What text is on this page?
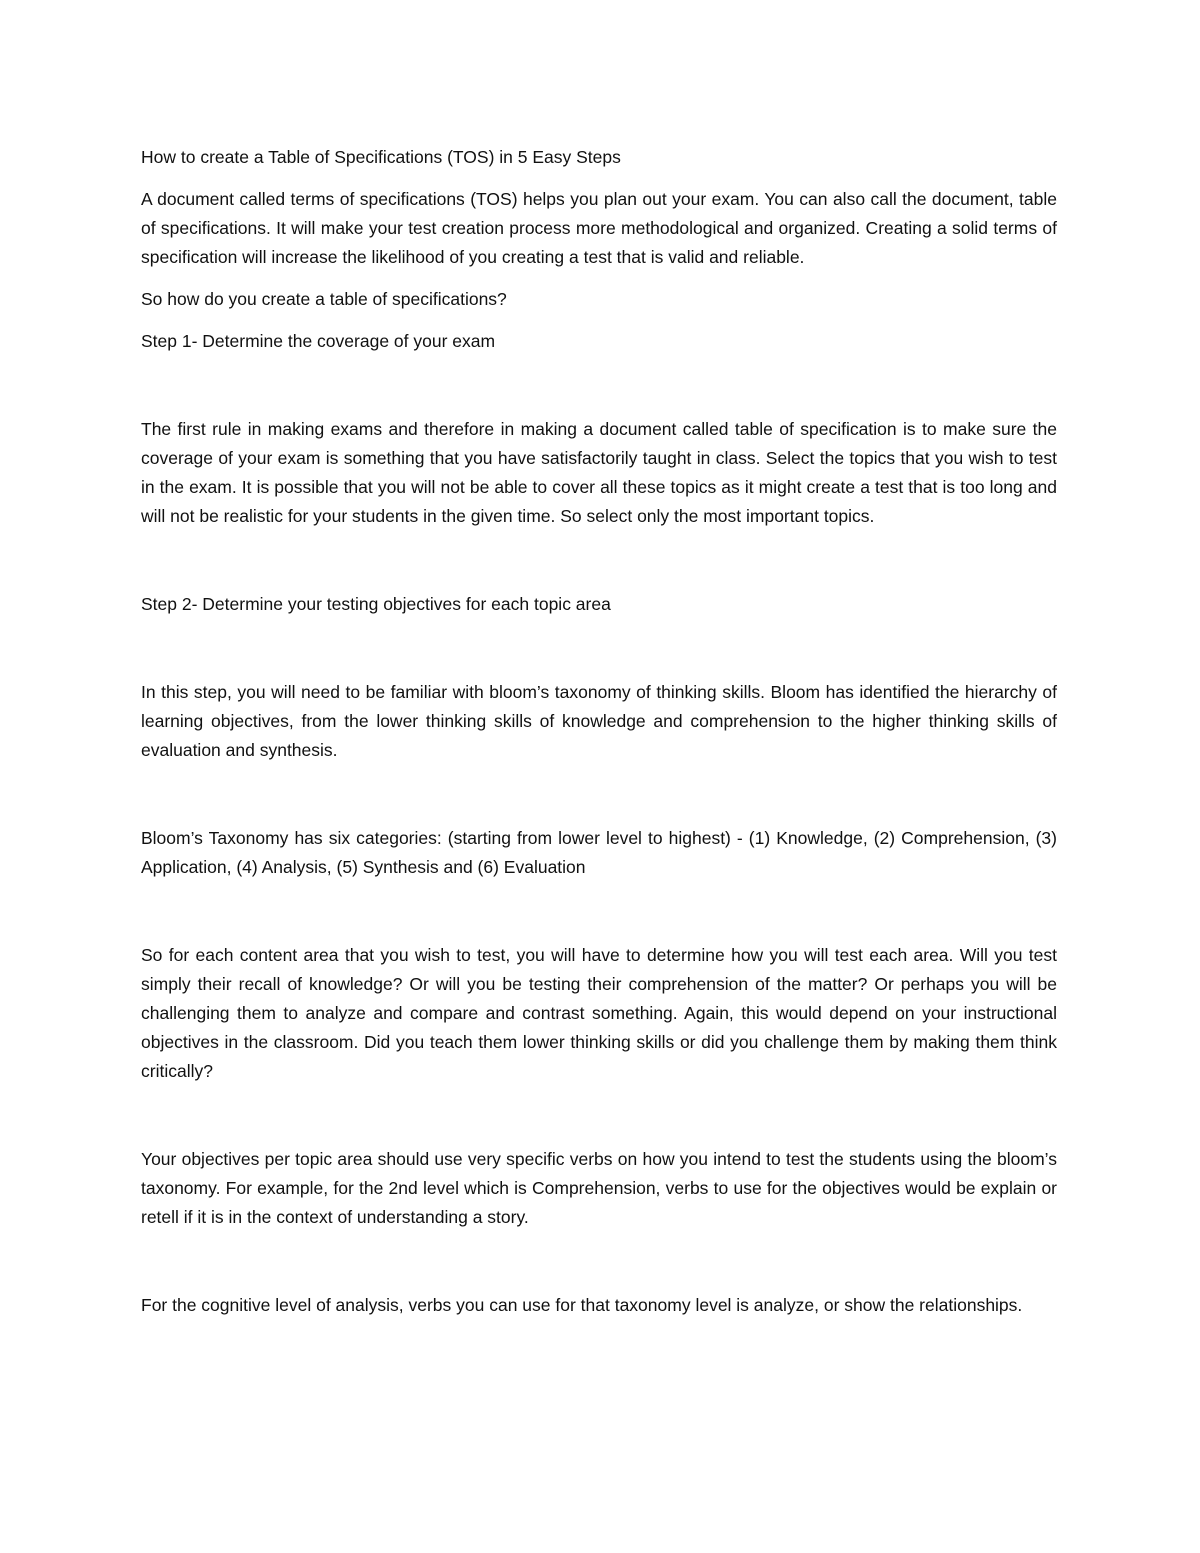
How to create a Table of Specifications (TOS) in 5 Easy Steps

A document called terms of specifications (TOS) helps you plan out your exam. You can also call the document, table of specifications. It will make your test creation process more methodological and organized. Creating a solid terms of specification will increase the likelihood of you creating a test that is valid and reliable.

So how do you create a table of specifications?

Step 1- Determine the coverage of your exam

The first rule in making exams and therefore in making a document called table of specification is to make sure the coverage of your exam is something that you have satisfactorily taught in class. Select the topics that you wish to test in the exam. It is possible that you will not be able to cover all these topics as it might create a test that is too long and will not be realistic for your students in the given time. So select only the most important topics.

Step 2- Determine your testing objectives for each topic area

In this step, you will need to be familiar with bloom’s taxonomy of thinking skills. Bloom has identified the hierarchy of learning objectives, from the lower thinking skills of knowledge and comprehension to the higher thinking skills of evaluation and synthesis.

Bloom’s Taxonomy has six categories: (starting from lower level to highest) - (1) Knowledge, (2) Comprehension, (3) Application, (4) Analysis, (5) Synthesis and (6) Evaluation

So for each content area that you wish to test, you will have to determine how you will test each area. Will you test simply their recall of knowledge? Or will you be testing their comprehension of the matter? Or perhaps you will be challenging them to analyze and compare and contrast something. Again, this would depend on your instructional objectives in the classroom. Did you teach them lower thinking skills or did you challenge them by making them think critically?

Your objectives per topic area should use very specific verbs on how you intend to test the students using the bloom’s taxonomy. For example, for the 2nd level which is Comprehension, verbs to use for the objectives would be explain or retell if it is in the context of understanding a story.

For the cognitive level of analysis, verbs you can use for that taxonomy level is analyze, or show the relationships.
